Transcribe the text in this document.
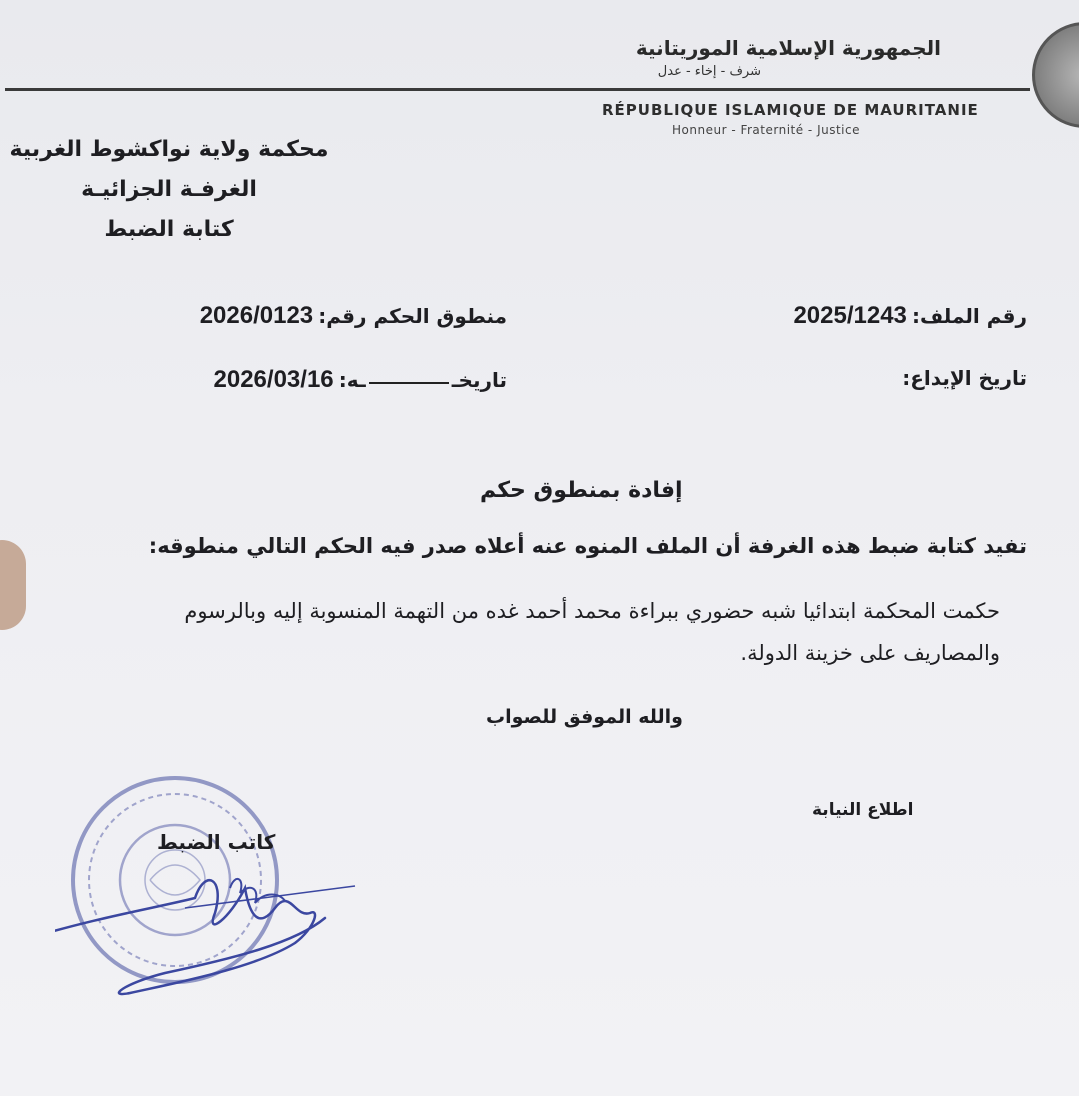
الجمهورية الإسلامية الموريتانية
شرف - إخاء - عدل
RÉPUBLIQUE ISLAMIQUE DE MAURITANIE
Honneur - Fraternité - Justice
محكمة ولاية نواكشوط الغربية
الغرفـة الجزائيـة
كتابة الضبط
رقم الملف: 2025/1243
منطوق الحكم رقم: 2026/0123
تاريخ الإيداع:
تاريخــه: 2026/03/16
إفادة بمنطوق حكم
تفيد كتابة ضبط هذه الغرفة أن الملف المنوه عنه أعلاه صدر فيه الحكم التالي منطوقه:
حكمت المحكمة ابتدائيا شبه حضوري ببراءة محمد أحمد غده من التهمة المنسوبة إليه وبالرسوم والمصاريف على خزينة الدولة.
والله الموفق للصواب
اطلاع النيابة
كاتب الضبط
